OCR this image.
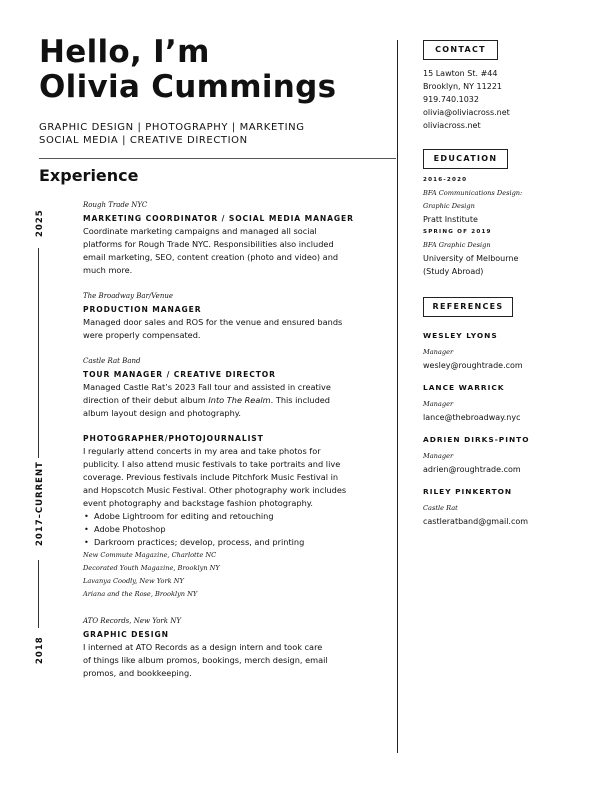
Hello, I’m
Olivia Cummings
GRAPHIC DESIGN | PHOTOGRAPHY | MARKETING
SOCIAL MEDIA | CREATIVE DIRECTION
Experience
2025
2017–CURRENT
2018
Rough Trade NYC
MARKETING COORDINATOR / SOCIAL MEDIA MANAGER
Coordinate marketing campaigns and managed all social
platforms for Rough Trade NYC. Responsibilities also included
email marketing, SEO, content creation (photo and video) and
much more.
The Broadway Bar/Venue
PRODUCTION MANAGER
Managed door sales and ROS for the venue and ensured bands
were properly compensated.
Castle Rat Band
TOUR MANAGER / CREATIVE DIRECTOR
Managed Castle Rat’s 2023 Fall tour and assisted in creative
direction of their debut album Into The Realm. This included
album layout design and photography.
PHOTOGRAPHER/PHOTOJOURNALIST
I regularly attend concerts in my area and take photos for
publicity. I also attend music festivals to take portraits and live
coverage. Previous festivals include Pitchfork Music Festival in
and Hopscotch Music Festival. Other photography work includes
event photography and backstage fashion photography.
• Adobe Lightroom for editing and retouching
• Adobe Photoshop
• Darkroom practices; develop, process, and printing
New Commute Magazine, Charlotte NC
Decorated Youth Magazine, Brooklyn NY
Lavanya Coodly, New York NY
Ariana and the Rose, Brooklyn NY
ATO Records, New York NY
GRAPHIC DESIGN
I interned at ATO Records as a design intern and took care
of things like album promos, bookings, merch design, email
promos, and bookkeeping.
CONTACT
15 Lawton St. #44
Brooklyn, NY 11221
919.740.1032
olivia@oliviacross.net
oliviacross.net
EDUCATION
2016-2020
BFA Communications Design:
Graphic Design
Pratt Institute
SPRING OF 2019
BFA Graphic Design
University of Melbourne
(Study Abroad)
REFERENCES
WESLEY LYONS
Manager
wesley@roughtrade.com
LANCE WARRICK
Manager
lance@thebroadway.nyc
ADRIEN DIRKS-PINTO
Manager
adrien@roughtrade.com
RILEY PINKERTON
Castle Rat
castleratband@gmail.com
